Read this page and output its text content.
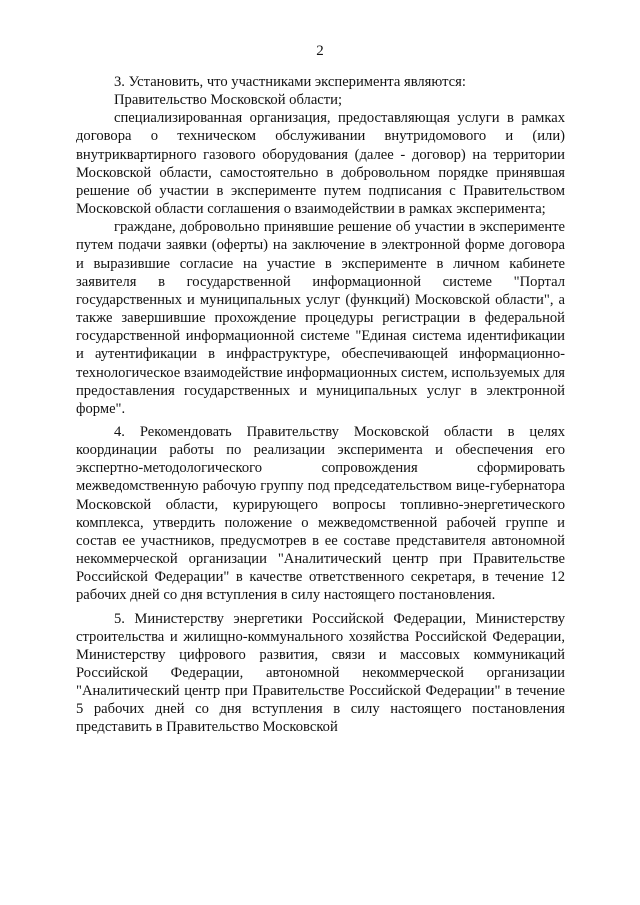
2

3. Установить, что участниками эксперимента являются:

Правительство Московской области;

специализированная организация, предоставляющая услуги в рамках договора о техническом обслуживании внутридомового и (или) внутриквартирного газового оборудования (далее - договор) на территории Московской области, самостоятельно в добровольном порядке принявшая решение об участии в эксперименте путем подписания с Правительством Московской области соглашения о взаимодействии в рамках эксперимента;

граждане, добровольно принявшие решение об участии в эксперименте путем подачи заявки (оферты) на заключение в электронной форме договора и выразившие согласие на участие в эксперименте в личном кабинете заявителя в государственной информационной системе "Портал государственных и муниципальных услуг (функций) Московской области", а также завершившие прохождение процедуры регистрации в федеральной государственной информационной системе "Единая система идентификации и аутентификации в инфраструктуре, обеспечивающей информационно-технологическое взаимодействие информационных систем, используемых для предоставления государственных и муниципальных услуг в электронной форме".

4. Рекомендовать Правительству Московской области в целях координации работы по реализации эксперимента и обеспечения его экспертно-методологического сопровождения сформировать межведомственную рабочую группу под председательством вице-губернатора Московской области, курирующего вопросы топливно-энергетического комплекса, утвердить положение о межведомственной рабочей группе и состав ее участников, предусмотрев в ее составе представителя автономной некоммерческой организации "Аналитический центр при Правительстве Российской Федерации" в качестве ответственного секретаря, в течение 12 рабочих дней со дня вступления в силу настоящего постановления.

5. Министерству энергетики Российской Федерации, Министерству строительства и жилищно-коммунального хозяйства Российской Федерации, Министерству цифрового развития, связи и массовых коммуникаций Российской Федерации, автономной некоммерческой организации "Аналитический центр при Правительстве Российской Федерации" в течение 5 рабочих дней со дня вступления в силу настоящего постановления представить в Правительство Московской
